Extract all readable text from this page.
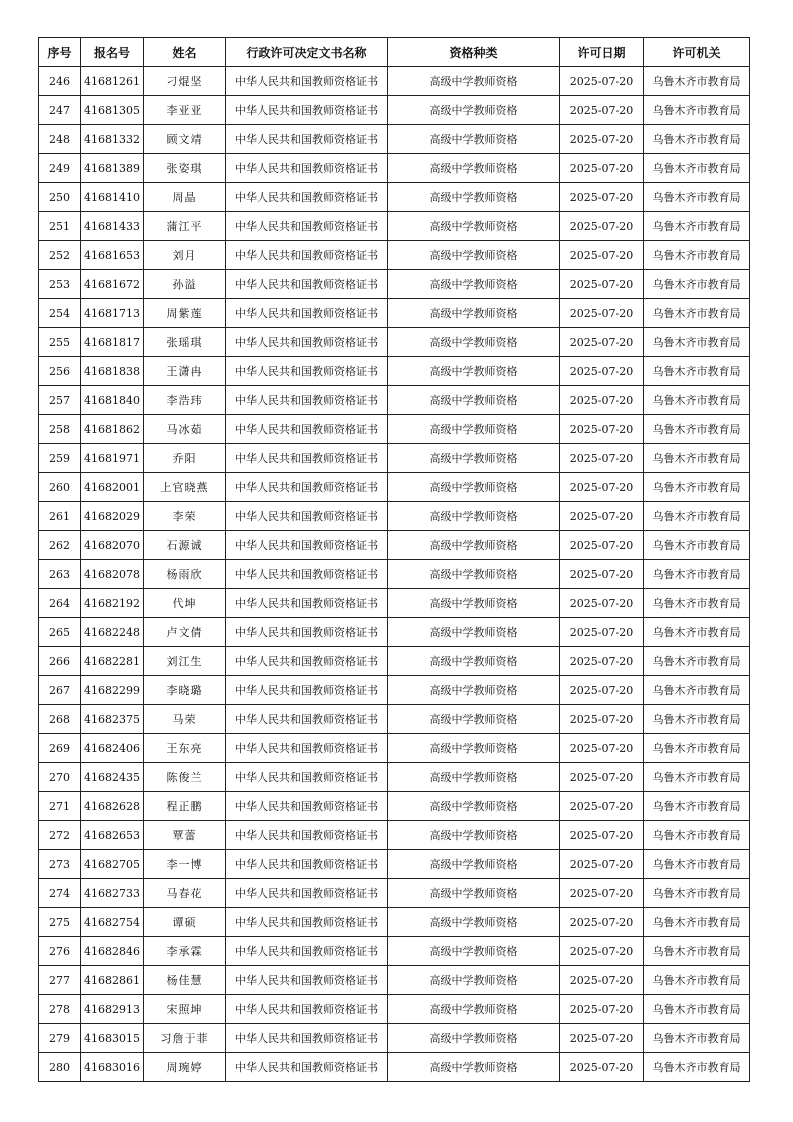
序号	报名号	姓名	行政许可决定文书名称	资格种类	许可日期	许可机关
246	41681261	刁焜坚	中华人民共和国教师资格证书	高级中学教师资格	2025-07-20	乌鲁木齐市教育局
247	41681305	李亚亚	中华人民共和国教师资格证书	高级中学教师资格	2025-07-20	乌鲁木齐市教育局
248	41681332	顾文靖	中华人民共和国教师资格证书	高级中学教师资格	2025-07-20	乌鲁木齐市教育局
249	41681389	张姿琪	中华人民共和国教师资格证书	高级中学教师资格	2025-07-20	乌鲁木齐市教育局
250	41681410	周晶	中华人民共和国教师资格证书	高级中学教师资格	2025-07-20	乌鲁木齐市教育局
251	41681433	蒲江平	中华人民共和国教师资格证书	高级中学教师资格	2025-07-20	乌鲁木齐市教育局
252	41681653	刘月	中华人民共和国教师资格证书	高级中学教师资格	2025-07-20	乌鲁木齐市教育局
253	41681672	孙溢	中华人民共和国教师资格证书	高级中学教师资格	2025-07-20	乌鲁木齐市教育局
254	41681713	周紫莲	中华人民共和国教师资格证书	高级中学教师资格	2025-07-20	乌鲁木齐市教育局
255	41681817	张瑶琪	中华人民共和国教师资格证书	高级中学教师资格	2025-07-20	乌鲁木齐市教育局
256	41681838	王潇冉	中华人民共和国教师资格证书	高级中学教师资格	2025-07-20	乌鲁木齐市教育局
257	41681840	李浩玮	中华人民共和国教师资格证书	高级中学教师资格	2025-07-20	乌鲁木齐市教育局
258	41681862	马冰茹	中华人民共和国教师资格证书	高级中学教师资格	2025-07-20	乌鲁木齐市教育局
259	41681971	乔阳	中华人民共和国教师资格证书	高级中学教师资格	2025-07-20	乌鲁木齐市教育局
260	41682001	上官晓燕	中华人民共和国教师资格证书	高级中学教师资格	2025-07-20	乌鲁木齐市教育局
261	41682029	李荣	中华人民共和国教师资格证书	高级中学教师资格	2025-07-20	乌鲁木齐市教育局
262	41682070	石源诚	中华人民共和国教师资格证书	高级中学教师资格	2025-07-20	乌鲁木齐市教育局
263	41682078	杨雨欣	中华人民共和国教师资格证书	高级中学教师资格	2025-07-20	乌鲁木齐市教育局
264	41682192	代坤	中华人民共和国教师资格证书	高级中学教师资格	2025-07-20	乌鲁木齐市教育局
265	41682248	卢文倩	中华人民共和国教师资格证书	高级中学教师资格	2025-07-20	乌鲁木齐市教育局
266	41682281	刘江生	中华人民共和国教师资格证书	高级中学教师资格	2025-07-20	乌鲁木齐市教育局
267	41682299	李晓璐	中华人民共和国教师资格证书	高级中学教师资格	2025-07-20	乌鲁木齐市教育局
268	41682375	马荣	中华人民共和国教师资格证书	高级中学教师资格	2025-07-20	乌鲁木齐市教育局
269	41682406	王东亮	中华人民共和国教师资格证书	高级中学教师资格	2025-07-20	乌鲁木齐市教育局
270	41682435	陈俊兰	中华人民共和国教师资格证书	高级中学教师资格	2025-07-20	乌鲁木齐市教育局
271	41682628	程正鹏	中华人民共和国教师资格证书	高级中学教师资格	2025-07-20	乌鲁木齐市教育局
272	41682653	覃蕾	中华人民共和国教师资格证书	高级中学教师资格	2025-07-20	乌鲁木齐市教育局
273	41682705	李一博	中华人民共和国教师资格证书	高级中学教师资格	2025-07-20	乌鲁木齐市教育局
274	41682733	马春花	中华人民共和国教师资格证书	高级中学教师资格	2025-07-20	乌鲁木齐市教育局
275	41682754	谭硕	中华人民共和国教师资格证书	高级中学教师资格	2025-07-20	乌鲁木齐市教育局
276	41682846	李承霖	中华人民共和国教师资格证书	高级中学教师资格	2025-07-20	乌鲁木齐市教育局
277	41682861	杨佳慧	中华人民共和国教师资格证书	高级中学教师资格	2025-07-20	乌鲁木齐市教育局
278	41682913	宋照坤	中华人民共和国教师资格证书	高级中学教师资格	2025-07-20	乌鲁木齐市教育局
279	41683015	习詹于菲	中华人民共和国教师资格证书	高级中学教师资格	2025-07-20	乌鲁木齐市教育局
280	41683016	周琬婷	中华人民共和国教师资格证书	高级中学教师资格	2025-07-20	乌鲁木齐市教育局
